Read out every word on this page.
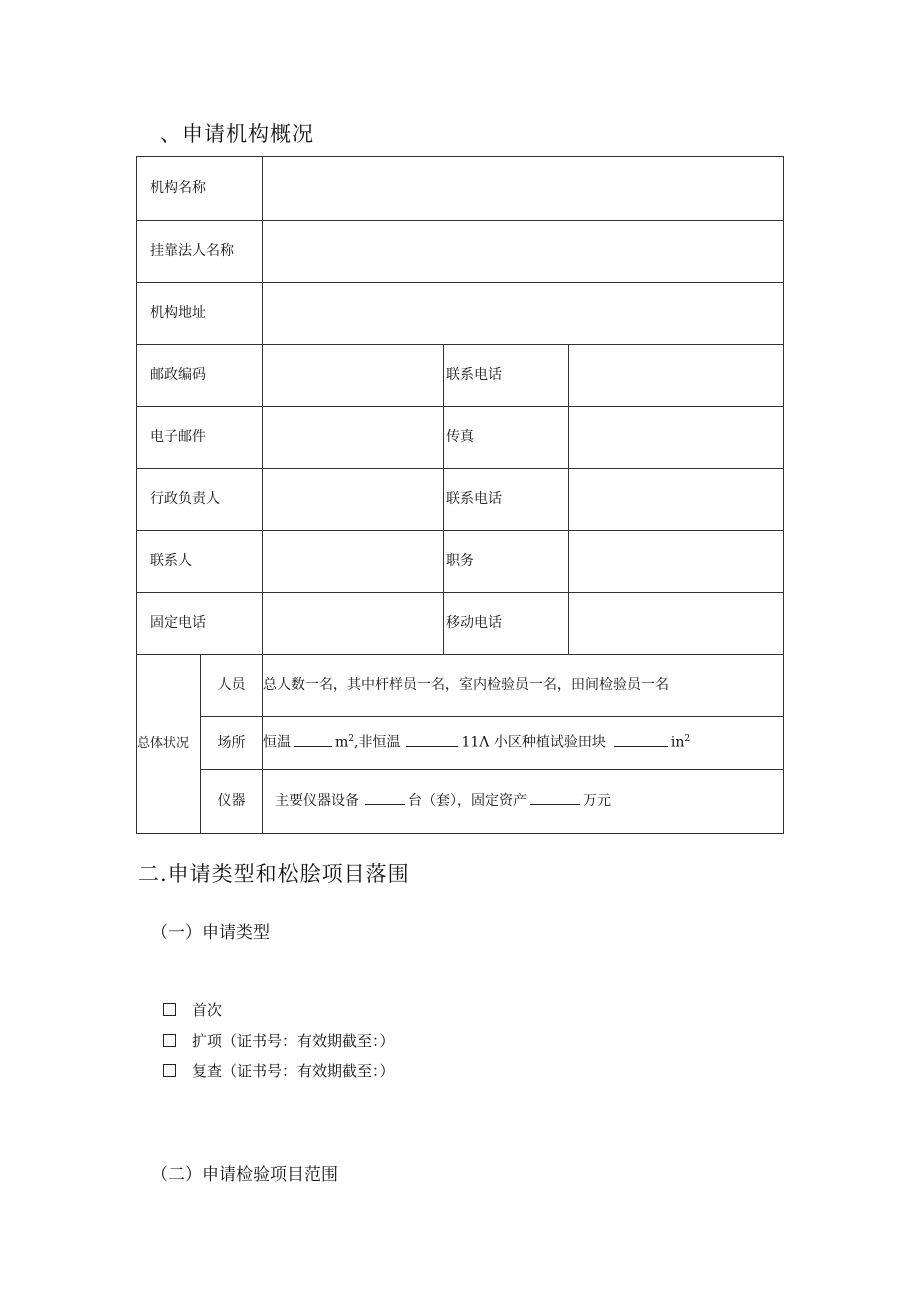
、申请机构概况
机构名称				
挂靠法人名称				
机构地址				
邮政编码			联系电话	
电子邮件			传真	
行政负责人			联系电话	
联系人			职务	
固定电话			移动电话	
总体状况	人员	总人数一名，其中杆样员一名，室内检验员一名，田间检验员一名		
	场所	恒温 $m^2$,非恒温 11Λ 小区种植试验田块 $in^2$
	仪器	主要仪器设备 台（套），固定资产 万元		
二.申请类型和松脍项目落围
（一）申请类型
首次
扩项（证书号：有效期截至：）
复查（证书号：有效期截至：）
（二）申请检验项目范围
